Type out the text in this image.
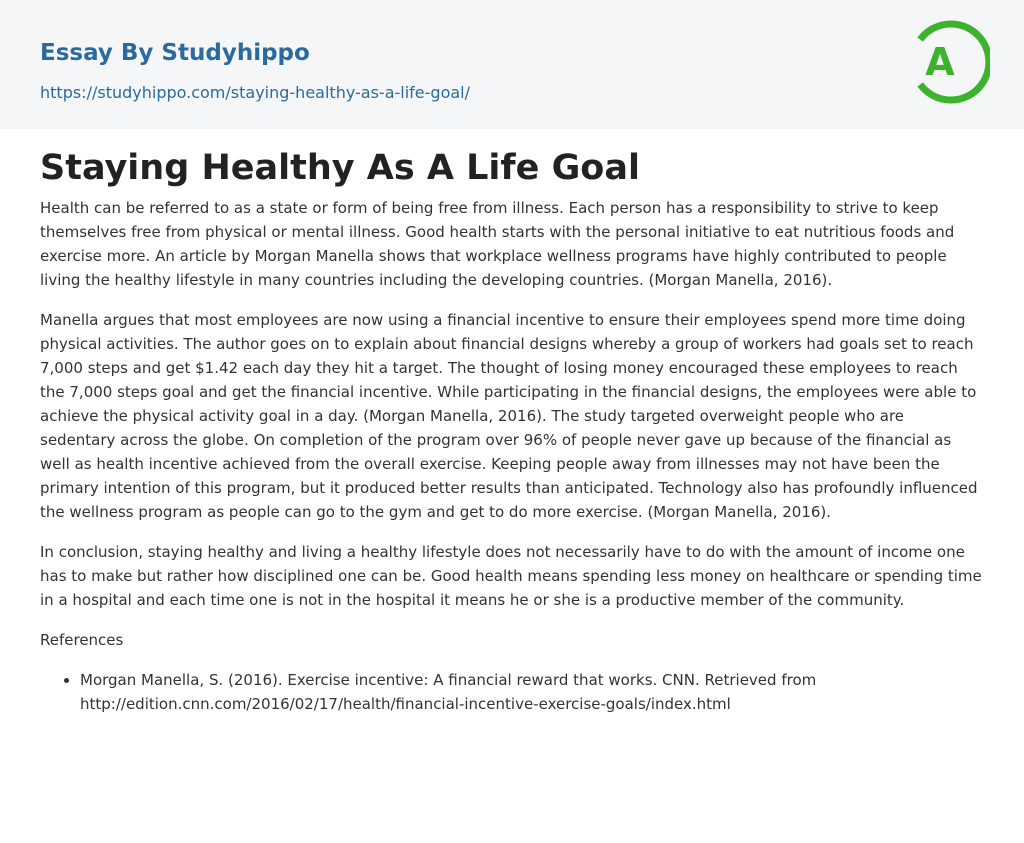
Essay By Studyhippo
https://studyhippo.com/staying-healthy-as-a-life-goal/
A
Staying Healthy As A Life Goal

Health can be referred to as a state or form of being free from illness. Each person has a responsibility to strive to keep themselves free from physical or mental illness. Good health starts with the personal initiative to eat nutritious foods and exercise more. An article by Morgan Manella shows that workplace wellness programs have highly contributed to people living the healthy lifestyle in many countries including the developing countries. (Morgan Manella, 2016).

Manella argues that most employees are now using a financial incentive to ensure their employees spend more time doing physical activities. The author goes on to explain about financial designs whereby a group of workers had goals set to reach 7,000 steps and get $1.42 each day they hit a target. The thought of losing money encouraged these employees to reach the 7,000 steps goal and get the financial incentive. While participating in the financial designs, the employees were able to achieve the physical activity goal in a day. (Morgan Manella, 2016). The study targeted overweight people who are sedentary across the globe. On completion of the program over 96% of people never gave up because of the financial as well as health incentive achieved from the overall exercise. Keeping people away from illnesses may not have been the primary intention of this program, but it produced better results than anticipated. Technology also has profoundly influenced the wellness program as people can go to the gym and get to do more exercise. (Morgan Manella, 2016).

In conclusion, staying healthy and living a healthy lifestyle does not necessarily have to do with the amount of income one has to make but rather how disciplined one can be. Good health means spending less money on healthcare or spending time in a hospital and each time one is not in the hospital it means he or she is a productive member of the community.

References

• Morgan Manella, S. (2016). Exercise incentive: A financial reward that works. CNN. Retrieved from http://edition.cnn.com/2016/02/17/health/financial-incentive-exercise-goals/index.html
